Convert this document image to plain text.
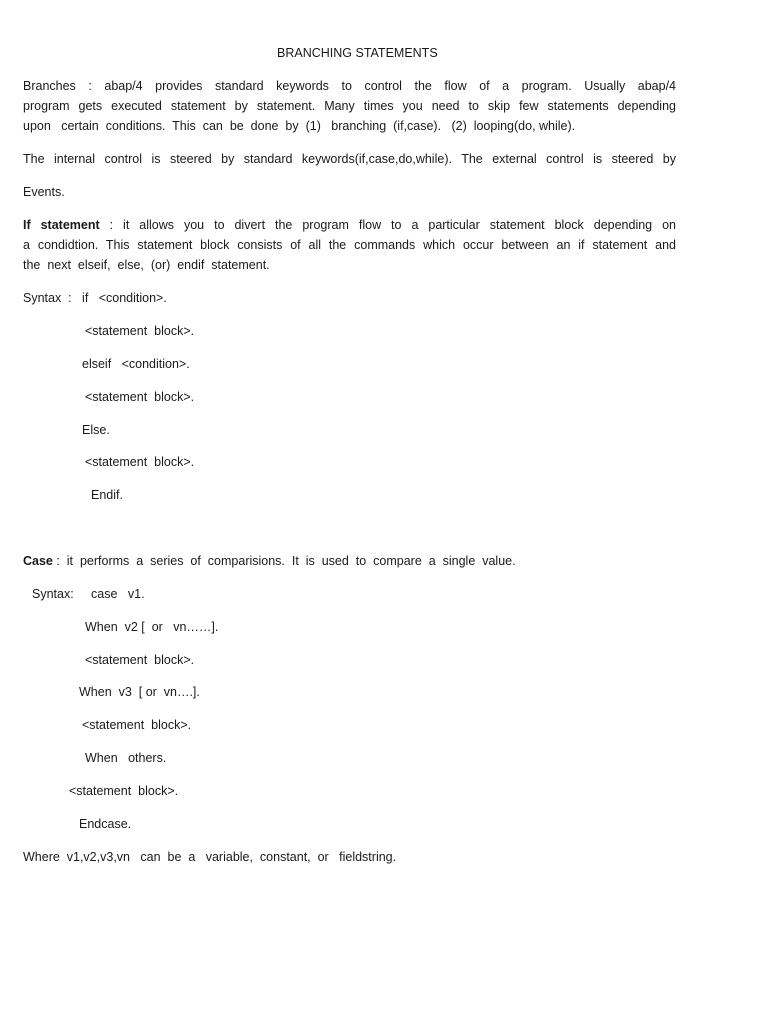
BRANCHING STATEMENTS
Branches : abap/4 provides standard keywords to control the flow of a program. Usually abap/4
program gets executed statement by statement. Many times you need to skip few statements depending
upon   certain  conditions.  This  can  be  done  by  (1)   branching  (if,case).   (2)  looping(do, while).
The internal control is steered by standard keywords(if,case,do,while). The external control is steered by
Events.
If statement : it allows you to divert the program flow to a particular statement block depending on
a condidtion. This statement block consists of all the commands which occur between an if statement and
the  next  elseif,  else,  (or)  endif  statement.
Syntax  :   if   <condition>.
<statement  block>.
elseif   <condition>.
<statement  block>.
Else.
<statement  block>.
Endif.
Case :  it  performs  a  series  of  comparisions.  It  is  used  to  compare  a  single  value.
Syntax:     case   v1.
When  v2 [  or   vn……].
<statement  block>.
When  v3  [ or  vn….].
<statement  block>.
When   others.
<statement  block>.
Endcase.
Where  v1,v2,v3,vn   can  be  a   variable,  constant,  or   fieldstring.
